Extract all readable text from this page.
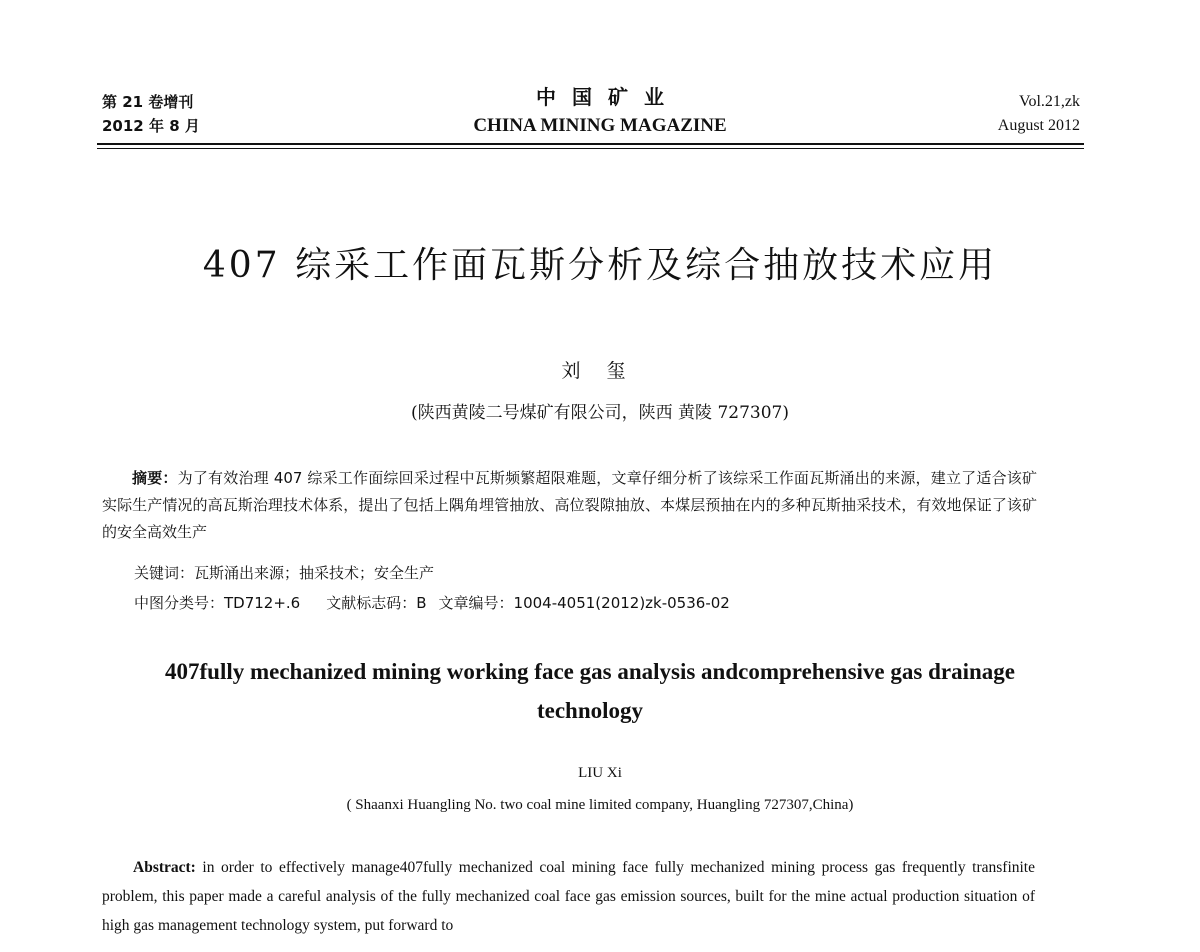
第 21 卷增刊
2012 年 8 月
中国矿业
CHINA MINING MAGAZINE
Vol.21,zk
August 2012
407 综采工作面瓦斯分析及综合抽放技术应用
刘玺
(陕西黄陵二号煤矿有限公司，陕西 黄陵 727307)
摘要：为了有效治理 407 综采工作面综回采过程中瓦斯频繁超限难题，文章仔细分析了该综采工作面瓦斯涌出的来源，建立了适合该矿实际生产情况的高瓦斯治理技术体系，提出了包括上隅角埋管抽放、高位裂隙抽放、本煤层预抽在内的多种瓦斯抽采技术，有效地保证了该矿的安全高效生产
关键词：瓦斯涌出来源；抽采技术；安全生产
中图分类号：TD712+.6 文献标志码：B 文章编号：1004-4051(2012)zk-0536-02
407fully mechanized mining working face gas analysis andcomprehensive gas drainage technology
LIU Xi
( Shaanxi Huangling No. two coal mine limited company, Huangling 727307,China)
Abstract: in order to effectively manage407fully mechanized coal mining face fully mechanized mining process gas frequently transfinite problem, this paper made a careful analysis of the fully mechanized coal face gas emission sources, built for the mine actual production situation of high gas management technology system, put forward to
